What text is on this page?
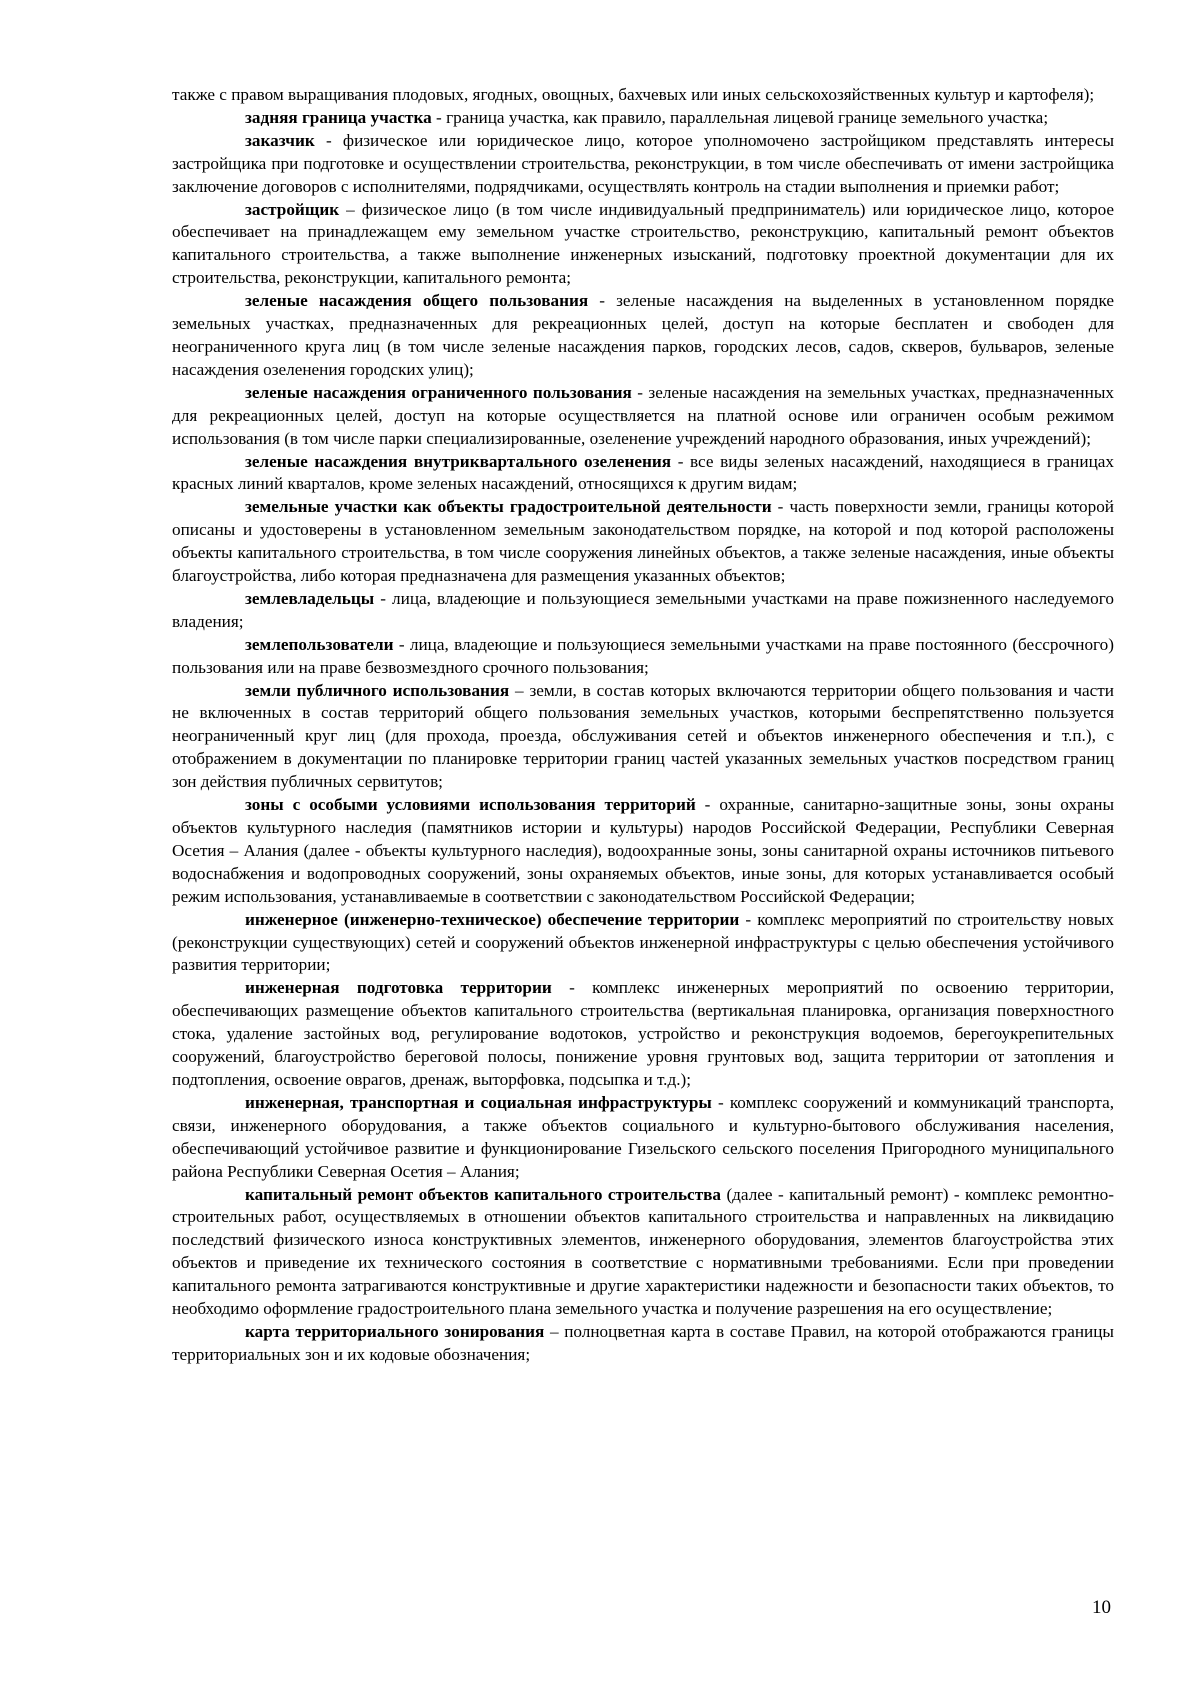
также с правом выращивания плодовых, ягодных, овощных, бахчевых или иных сельскохозяйственных культур и картофеля);

задняя граница участка - граница участка, как правило, параллельная лицевой границе земельного участка;

заказчик - физическое или юридическое лицо, которое уполномочено застройщиком представлять интересы застройщика при подготовке и осуществлении строительства, реконструкции, в том числе обеспечивать от имени застройщика заключение договоров с исполнителями, подрядчиками, осуществлять контроль на стадии выполнения и приемки работ;

застройщик – физическое лицо (в том числе индивидуальный предприниматель) или юридическое лицо, которое обеспечивает на принадлежащем ему земельном участке строительство, реконструкцию, капитальный ремонт объектов капитального строительства, а также выполнение инженерных изысканий, подготовку проектной документации для их строительства, реконструкции, капитального ремонта;

зеленые насаждения общего пользования - зеленые насаждения на выделенных в установленном порядке земельных участках, предназначенных для рекреационных целей, доступ на которые бесплатен и свободен для неограниченного круга лиц (в том числе зеленые насаждения парков, городских лесов, садов, скверов, бульваров, зеленые насаждения озеленения городских улиц);

зеленые насаждения ограниченного пользования - зеленые насаждения на земельных участках, предназначенных для рекреационных целей, доступ на которые осуществляется на платной основе или ограничен особым режимом использования (в том числе парки специализированные, озеленение учреждений народного образования, иных учреждений);

зеленые насаждения внутриквартального озеленения - все виды зеленых насаждений, находящиеся в границах красных линий кварталов, кроме зеленых насаждений, относящихся к другим видам;

земельные участки как объекты градостроительной деятельности - часть поверхности земли, границы которой описаны и удостоверены в установленном земельным законодательством порядке, на которой и под которой расположены объекты капитального строительства, в том числе сооружения линейных объектов, а также зеленые насаждения, иные объекты благоустройства, либо которая предназначена для размещения указанных объектов;

землевладельцы - лица, владеющие и пользующиеся земельными участками на праве пожизненного наследуемого владения;

землепользователи - лица, владеющие и пользующиеся земельными участками на праве постоянного (бессрочного) пользования или на праве безвозмездного срочного пользования;

земли публичного использования – земли, в состав которых включаются территории общего пользования и части не включенных в состав территорий общего пользования земельных участков, которыми беспрепятственно пользуется неограниченный круг лиц (для прохода, проезда, обслуживания сетей и объектов инженерного обеспечения и т.п.), с отображением в документации по планировке территории границ частей указанных земельных участков посредством границ зон действия публичных сервитутов;

зоны с особыми условиями использования территорий - охранные, санитарно-защитные зоны, зоны охраны объектов культурного наследия (памятников истории и культуры) народов Российской Федерации, Республики Северная Осетия – Алания (далее - объекты культурного наследия), водоохранные зоны, зоны санитарной охраны источников питьевого водоснабжения и водопроводных сооружений, зоны охраняемых объектов, иные зоны, для которых устанавливается особый режим использования, устанавливаемые в соответствии с законодательством Российской Федерации;

инженерное (инженерно-техническое) обеспечение территории - комплекс мероприятий по строительству новых (реконструкции существующих) сетей и сооружений объектов инженерной инфраструктуры с целью обеспечения устойчивого развития территории;

инженерная подготовка территории - комплекс инженерных мероприятий по освоению территории, обеспечивающих размещение объектов капитального строительства (вертикальная планировка, организация поверхностного стока, удаление застойных вод, регулирование водотоков, устройство и реконструкция водоемов, берегоукрепительных сооружений, благоустройство береговой полосы, понижение уровня грунтовых вод, защита территории от затопления и подтопления, освоение оврагов, дренаж, выторфовка, подсыпка и т.д.);

инженерная, транспортная и социальная инфраструктуры - комплекс сооружений и коммуникаций транспорта, связи, инженерного оборудования, а также объектов социального и культурно-бытового обслуживания населения, обеспечивающий устойчивое развитие и функционирование Гизельского сельского поселения Пригородного муниципального района Республики Северная Осетия – Алания;

капитальный ремонт объектов капитального строительства (далее - капитальный ремонт) - комплекс ремонтно-строительных работ, осуществляемых в отношении объектов капитального строительства и направленных на ликвидацию последствий физического износа конструктивных элементов, инженерного оборудования, элементов благоустройства этих объектов и приведение их технического состояния в соответствие с нормативными требованиями. Если при проведении капитального ремонта затрагиваются конструктивные и другие характеристики надежности и безопасности таких объектов, то необходимо оформление градостроительного плана земельного участка и получение разрешения на его осуществление;

карта территориального зонирования – полноцветная карта в составе Правил, на которой отображаются границы территориальных зон и их кодовые обозначения;

10
